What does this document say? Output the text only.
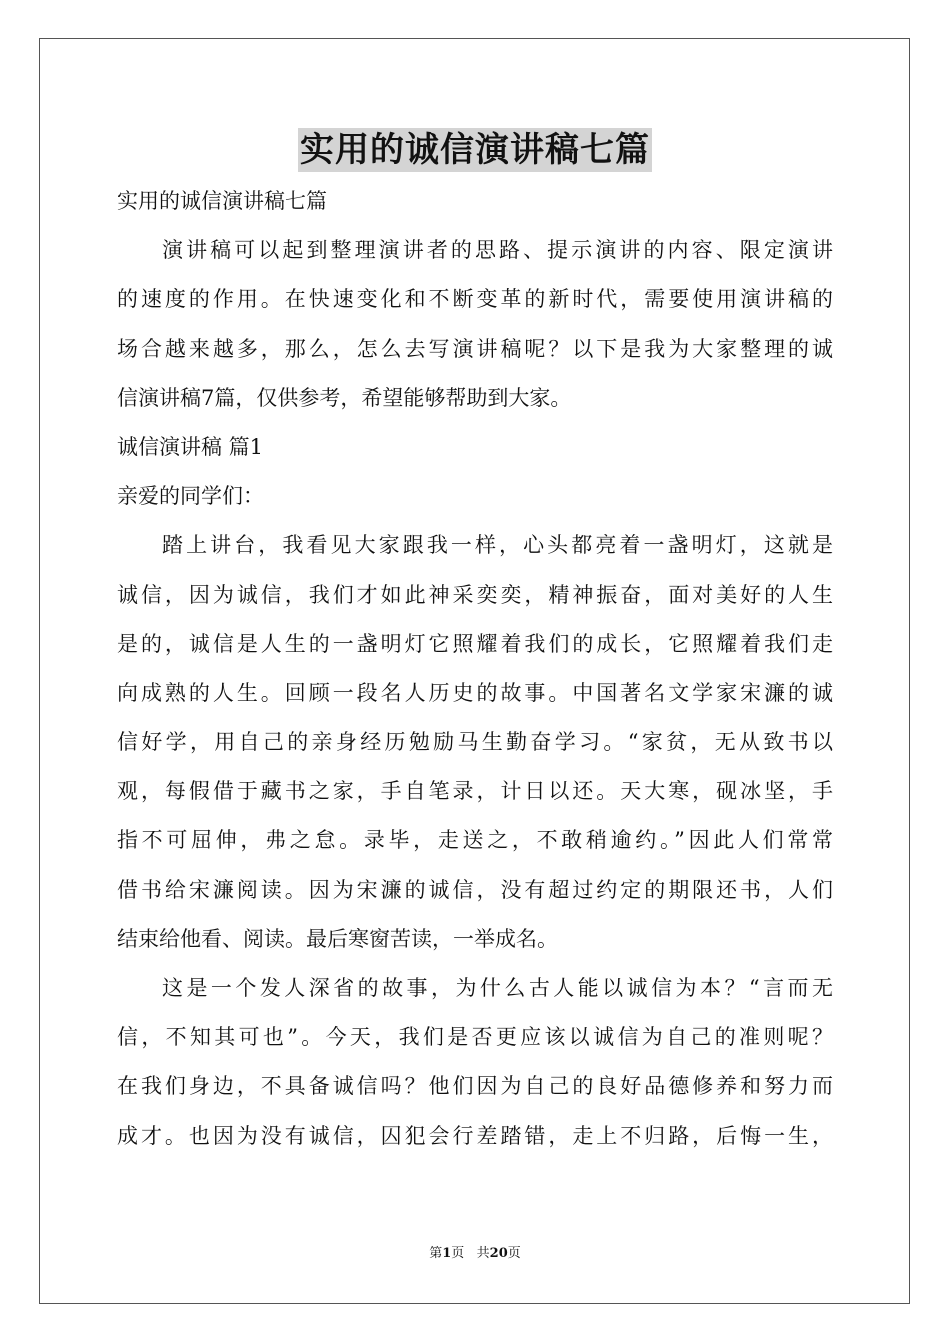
实用的诚信演讲稿七篇
实用的诚信演讲稿七篇
演讲稿可以起到整理演讲者的思路、提示演讲的内容、限定演讲
的速度的作用。在快速变化和不断变革的新时代，需要使用演讲稿的
场合越来越多，那么，怎么去写演讲稿呢？以下是我为大家整理的诚
信演讲稿7篇，仅供参考，希望能够帮助到大家。
诚信演讲稿 篇1
亲爱的同学们：
踏上讲台，我看见大家跟我一样，心头都亮着一盏明灯，这就是
诚信，因为诚信，我们才如此神采奕奕，精神振奋，面对美好的人生
是的，诚信是人生的一盏明灯它照耀着我们的成长，它照耀着我们走
向成熟的人生。回顾一段名人历史的故事。中国著名文学家宋濂的诚
信好学，用自己的亲身经历勉励马生勤奋学习。“家贫，无从致书以
观，每假借于藏书之家，手自笔录，计日以还。天大寒，砚冰坚，手
指不可屈伸，弗之怠。录毕，走送之，不敢稍逾约。”因此人们常常
借书给宋濂阅读。因为宋濂的诚信，没有超过约定的期限还书，人们
结束给他看、阅读。最后寒窗苦读，一举成名。
这是一个发人深省的故事，为什么古人能以诚信为本？“言而无
信，不知其可也”。今天，我们是否更应该以诚信为自己的准则呢？
在我们身边，不具备诚信吗？他们因为自己的良好品德修养和努力而
成才。也因为没有诚信，囚犯会行差踏错，走上不归路，后悔一生，
第1页   共20页
